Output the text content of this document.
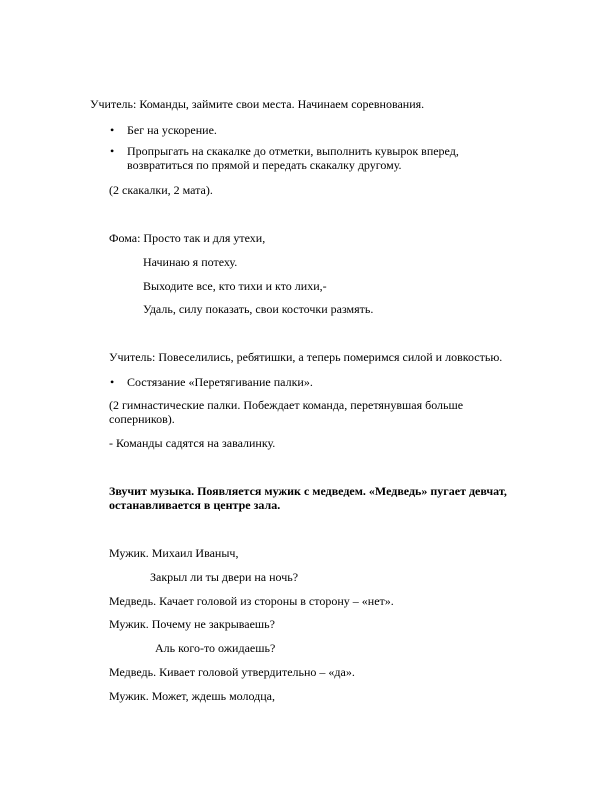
Учитель: Команды, займите свои места. Начинаем соревнования.
• Бег на ускорение.
• Пропрыгать на скакалке до отметки, выполнить кувырок вперед,
возвратиться по прямой и передать скакалку другому.
(2 скакалки, 2 мата).
Фома: Просто так и для утехи,
Начинаю я потеху.
Выходите все, кто тихи и кто лихи,-
Удаль, силу показать, свои косточки размять.
Учитель: Повеселились, ребятишки, а теперь померимся силой и ловкостью.
• Состязание «Перетягивание палки».
(2 гимнастические палки. Побеждает команда, перетянувшая больше
соперников).
- Команды садятся на завалинку.
Звучит музыка. Появляется мужик с медведем. «Медведь» пугает девчат,
останавливается в центре зала.
Мужик. Михаил Иваныч,
Закрыл ли ты двери на ночь?
Медведь. Качает головой из стороны в сторону – «нет».
Мужик. Почему не закрываешь?
Аль кого-то ожидаешь?
Медведь. Кивает головой утвердительно – «да».
Мужик. Может, ждешь молодца,
